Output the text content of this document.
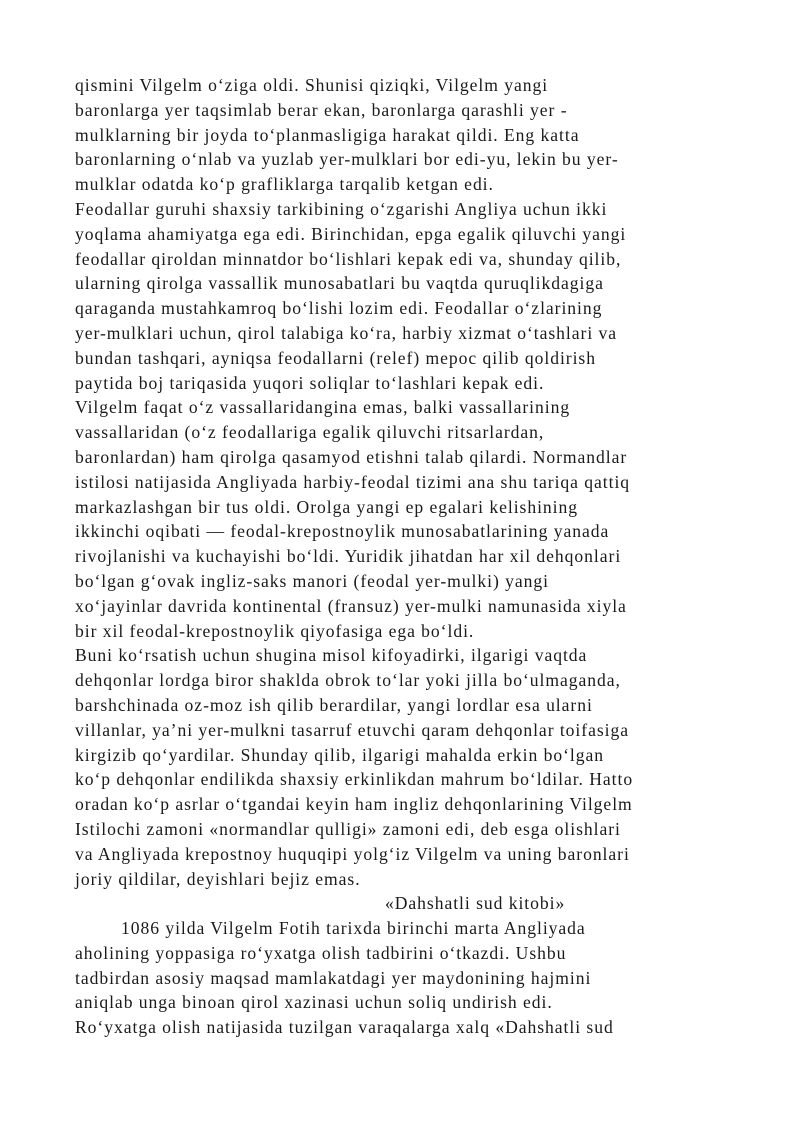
qismini Vilgelm o‘ziga oldi. Shunisi qiziqki, Vilgelm yangi
baronlarga yer taqsimlab berar ekan, baronlarga qarashli yer -
mulklarning bir joyda to‘planmasligiga harakat qildi. Eng katta
baronlarning o‘nlab va yuzlab yer-mulklari bor edi-yu, lekin bu yer-
mulklar odatda ko‘p grafliklarga tarqalib ketgan edi.
Feodallar guruhi shaxsiy tarkibining o‘zgarishi Angliya uchun ikki
yoqlama ahamiyatga ega edi. Birinchidan, epga egalik qiluvchi yangi
feodallar qiroldan minnatdor bo‘lishlari kepak edi va, shunday qilib,
ularning qirolga vassallik munosabatlari bu vaqtda quruqlikdagiga
qaraganda mustahkamroq bo‘lishi lozim edi. Feodallar o‘zlarining
yer-mulklari uchun, qirol talabiga ko‘ra, harbiy xizmat o‘tashlari va
bundan tashqari, ayniqsa feodallarni (relef) mepoc qilib qoldirish
paytida boj tariqasida yuqori soliqlar to‘lashlari kepak edi.
Vilgelm faqat o‘z vassallaridangina emas, balki vassallarining
vassallaridan (o‘z feodallariga egalik qiluvchi ritsarlardan,
baronlardan) ham qirolga qasamyod etishni talab qilardi. Normandlar
istilosi natijasida Angliyada harbiy-feodal tizimi ana shu tariqa qattiq
markazlashgan bir tus oldi. Orolga yangi ep egalari kelishining
ikkinchi oqibati — feodal-krepostnoylik munosabatlarining yanada
rivojlanishi va kuchayishi bo‘ldi. Yuridik jihatdan har xil dehqonlari
bo‘lgan g‘ovak ingliz-saks manori (feodal yer-mulki) yangi
xo‘jayinlar davrida kontinental (fransuz) yer-mulki namunasida xiyla
bir xil feodal-krepostnoylik qiyofasiga ega bo‘ldi.
Buni ko‘rsatish uchun shugina misol kifoyadirki, ilgarigi vaqtda
dehqonlar lordga biror shaklda obrok to‘lar yoki jilla bo‘ulmaganda,
barshchinada oz-moz ish qilib berardilar, yangi lordlar esa ularni
villanlar, ya’ni yer-mulkni tasarruf etuvchi qaram dehqonlar toifasiga
kirgizib qo‘yardilar. Shunday qilib, ilgarigi mahalda erkin bo‘lgan
ko‘p dehqonlar endilikda shaxsiy erkinlikdan mahrum bo‘ldilar. Hatto
oradan ko‘p asrlar o‘tgandai keyin ham ingliz dehqonlarining Vilgelm
Istilochi zamoni «normandlar qulligi» zamoni edi, deb esga olishlari
va Angliyada krepostnoy huquqipi yolg‘iz Vilgelm va uning baronlari
joriy qildilar, deyishlari bejiz emas.
«Dahshatli sud kitobi»
1086 yilda Vilgelm Fotih tarixda birinchi marta Angliyada
aholining yoppasiga ro‘yxatga olish tadbirini o‘tkazdi. Ushbu
tadbirdan asosiy maqsad mamlakatdagi yer maydonining hajmini
aniqlab unga binoan qirol xazinasi uchun soliq undirish edi.
Ro‘yxatga olish natijasida tuzilgan varaqalarga xalq «Dahshatli sud
